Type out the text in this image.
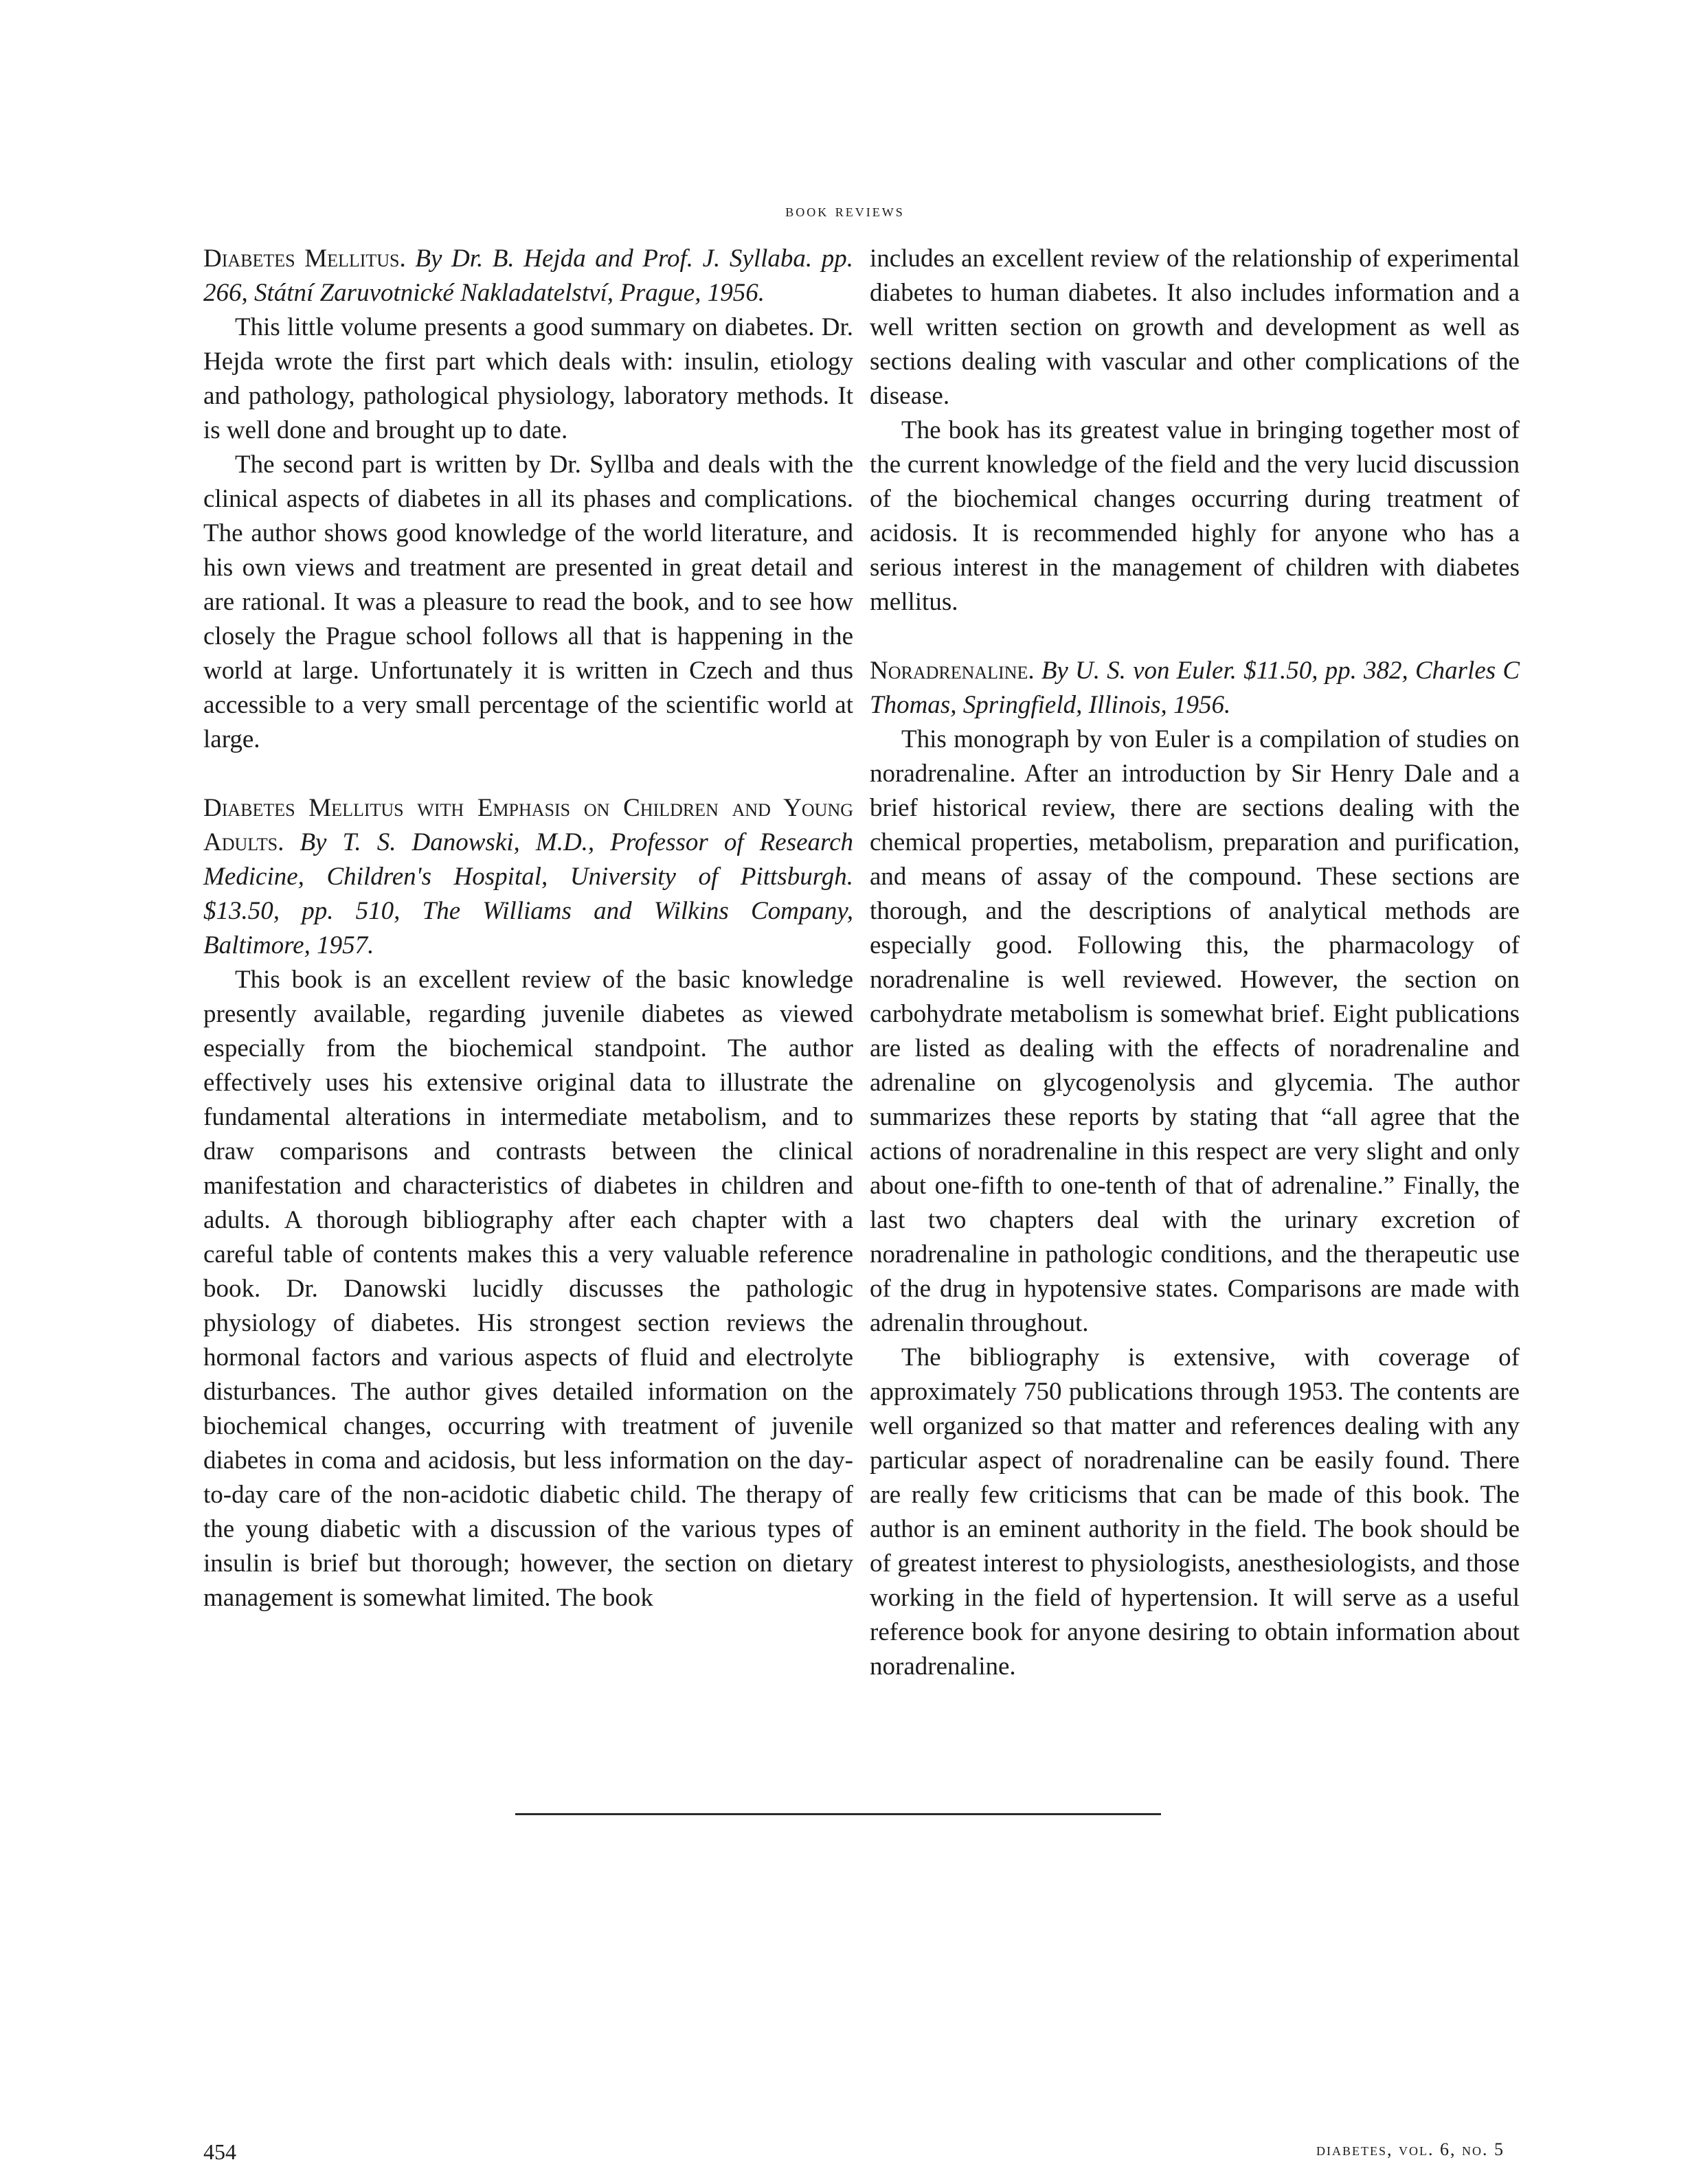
book reviews

Diabetes Mellitus. By Dr. B. Hejda and Prof. J. Syllaba. pp. 266, Státní Zaruvotnické Nakladatelství, Prague, 1956.

This little volume presents a good summary on diabetes. Dr. Hejda wrote the first part which deals with: insulin, etiology and pathology, pathological physiology, laboratory methods. It is well done and brought up to date.

The second part is written by Dr. Syllba and deals with the clinical aspects of diabetes in all its phases and complications. The author shows good knowledge of the world literature, and his own views and treatment are presented in great detail and are rational. It was a pleasure to read the book, and to see how closely the Prague school follows all that is happening in the world at large. Unfortunately it is written in Czech and thus accessible to a very small percentage of the scientific world at large.

Diabetes Mellitus with Emphasis on Children and Young Adults. By T. S. Danowski, M.D., Professor of Research Medicine, Children's Hospital, University of Pittsburgh. $13.50, pp. 510, The Williams and Wilkins Company, Baltimore, 1957.

This book is an excellent review of the basic knowledge presently available, regarding juvenile diabetes as viewed especially from the biochemical standpoint. The author effectively uses his extensive original data to illustrate the fundamental alterations in intermediate metabolism, and to draw comparisons and contrasts between the clinical manifestation and characteristics of diabetes in children and adults. A thorough bibliography after each chapter with a careful table of contents makes this a very valuable reference book. Dr. Danowski lucidly discusses the pathologic physiology of diabetes. His strongest section reviews the hormonal factors and various aspects of fluid and electrolyte disturbances. The author gives detailed information on the biochemical changes, occurring with treatment of juvenile diabetes in coma and acidosis, but less information on the day-to-day care of the non-acidotic diabetic child. The therapy of the young diabetic with a discussion of the various types of insulin is brief but thorough; however, the section on dietary management is somewhat limited. The book

includes an excellent review of the relationship of experimental diabetes to human diabetes. It also includes information and a well written section on growth and development as well as sections dealing with vascular and other complications of the disease.

The book has its greatest value in bringing together most of the current knowledge of the field and the very lucid discussion of the biochemical changes occurring during treatment of acidosis. It is recommended highly for anyone who has a serious interest in the management of children with diabetes mellitus.

Noradrenaline. By U. S. von Euler. $11.50, pp. 382, Charles C Thomas, Springfield, Illinois, 1956.

This monograph by von Euler is a compilation of studies on noradrenaline. After an introduction by Sir Henry Dale and a brief historical review, there are sections dealing with the chemical properties, metabolism, preparation and purification, and means of assay of the compound. These sections are thorough, and the descriptions of analytical methods are especially good. Following this, the pharmacology of noradrenaline is well reviewed. However, the section on carbohydrate metabolism is somewhat brief. Eight publications are listed as dealing with the effects of noradrenaline and adrenaline on glycogenolysis and glycemia. The author summarizes these reports by stating that “all agree that the actions of noradrenaline in this respect are very slight and only about one-fifth to one-tenth of that of adrenaline.” Finally, the last two chapters deal with the urinary excretion of noradrenaline in pathologic conditions, and the therapeutic use of the drug in hypotensive states. Comparisons are made with adrenalin throughout.

The bibliography is extensive, with coverage of approximately 750 publications through 1953. The contents are well organized so that matter and references dealing with any particular aspect of noradrenaline can be easily found. There are really few criticisms that can be made of this book. The author is an eminent authority in the field. The book should be of greatest interest to physiologists, anesthesiologists, and those working in the field of hypertension. It will serve as a useful reference book for anyone desiring to obtain information about noradrenaline.

454	diabetes, vol. 6, no. 5
